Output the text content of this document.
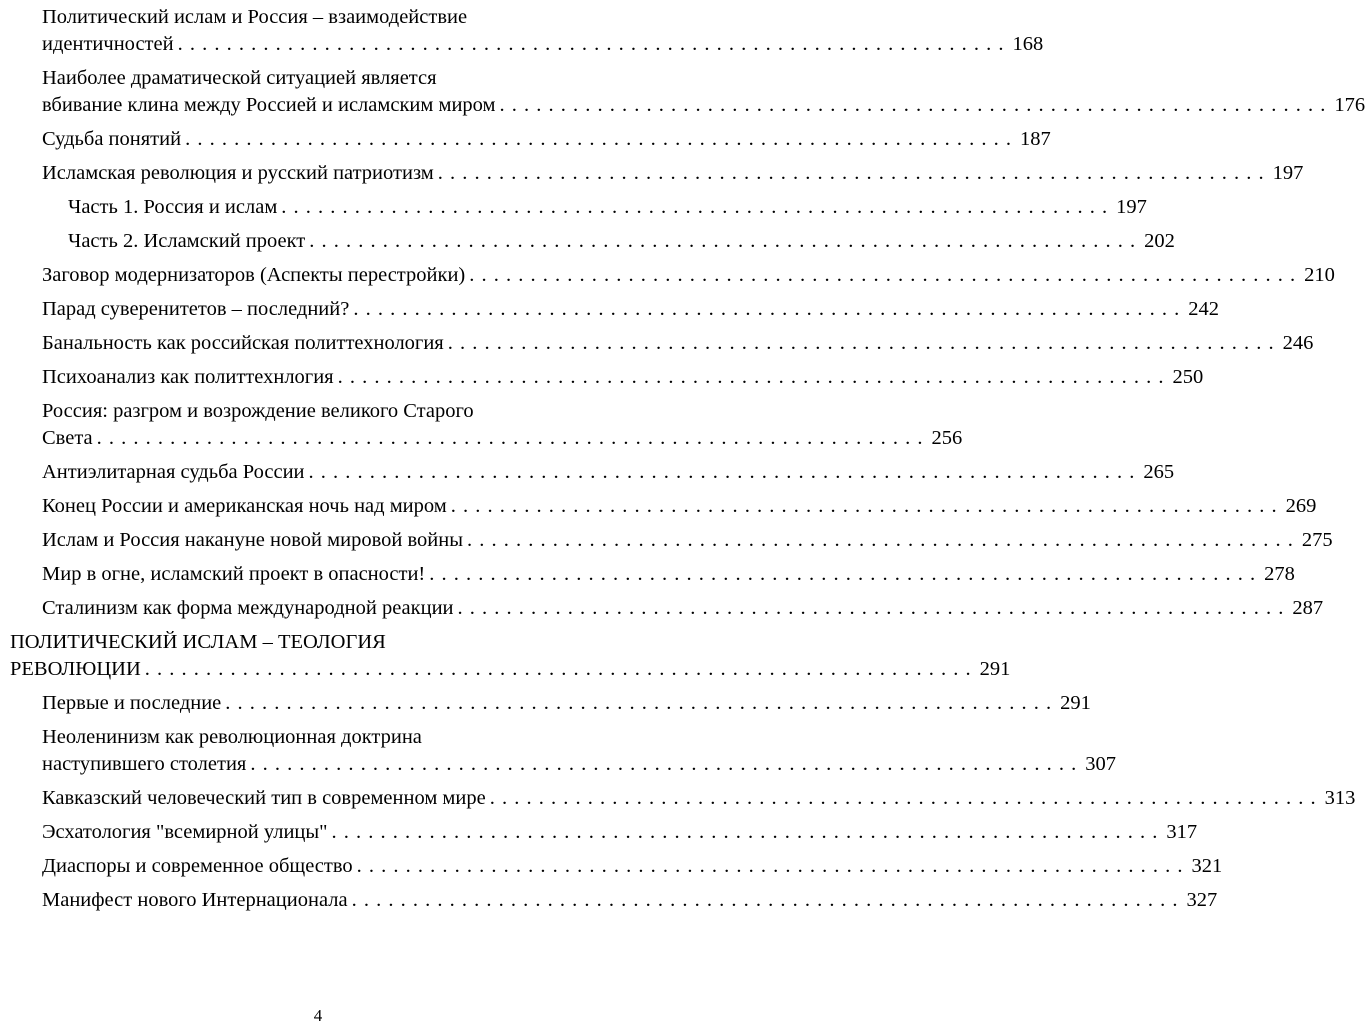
Политический ислам и Россия – взаимодействие
идентичностей . . . . . . . . . . . . . . . . . . . . . . . . . . . . . . . . . . . . . . . . . . . . . . . . . . . . . . . . . . . . . . . . . . . . 168
Наиболее драматической ситуацией является
вбивание клина между Россией и исламским миром . . . . . . . . . . . . . . . . . . . . . . . . . . . . . . . . . . . . . . . . . . . . . . . . . . . . . . . . . . . . . . . . . . . . 176
Судьба понятий . . . . . . . . . . . . . . . . . . . . . . . . . . . . . . . . . . . . . . . . . . . . . . . . . . . . . . . . . . . . . . . . . . . . 187
Исламская революция и русский патриотизм . . . . . . . . . . . . . . . . . . . . . . . . . . . . . . . . . . . . . . . . . . . . . . . . . . . . . . . . . . . . . . . . . . . . 197
Часть 1. Россия и ислам . . . . . . . . . . . . . . . . . . . . . . . . . . . . . . . . . . . . . . . . . . . . . . . . . . . . . . . . . . . . . . . . . . . . 197
Часть 2. Исламский проект . . . . . . . . . . . . . . . . . . . . . . . . . . . . . . . . . . . . . . . . . . . . . . . . . . . . . . . . . . . . . . . . . . . . 202
Заговор модернизаторов (Аспекты перестройки) . . . . . . . . . . . . . . . . . . . . . . . . . . . . . . . . . . . . . . . . . . . . . . . . . . . . . . . . . . . . . . . . . . . . 210
Парад суверенитетов – последний? . . . . . . . . . . . . . . . . . . . . . . . . . . . . . . . . . . . . . . . . . . . . . . . . . . . . . . . . . . . . . . . . . . . . 242
Банальность как российская политтехнология . . . . . . . . . . . . . . . . . . . . . . . . . . . . . . . . . . . . . . . . . . . . . . . . . . . . . . . . . . . . . . . . . . . . 246
Психоанализ как политтехнлогия . . . . . . . . . . . . . . . . . . . . . . . . . . . . . . . . . . . . . . . . . . . . . . . . . . . . . . . . . . . . . . . . . . . . 250
Россия: разгром и возрождение великого Старого
Света . . . . . . . . . . . . . . . . . . . . . . . . . . . . . . . . . . . . . . . . . . . . . . . . . . . . . . . . . . . . . . . . . . . . 256
Антиэлитарная судьба России . . . . . . . . . . . . . . . . . . . . . . . . . . . . . . . . . . . . . . . . . . . . . . . . . . . . . . . . . . . . . . . . . . . . 265
Конец России и американская ночь над миром . . . . . . . . . . . . . . . . . . . . . . . . . . . . . . . . . . . . . . . . . . . . . . . . . . . . . . . . . . . . . . . . . . . . 269
Ислам и Россия накануне новой мировой войны . . . . . . . . . . . . . . . . . . . . . . . . . . . . . . . . . . . . . . . . . . . . . . . . . . . . . . . . . . . . . . . . . . . . 275
Мир в огне, исламский проект в опасности! . . . . . . . . . . . . . . . . . . . . . . . . . . . . . . . . . . . . . . . . . . . . . . . . . . . . . . . . . . . . . . . . . . . . 278
Сталинизм как форма международной реакции . . . . . . . . . . . . . . . . . . . . . . . . . . . . . . . . . . . . . . . . . . . . . . . . . . . . . . . . . . . . . . . . . . . . 287
ПОЛИТИЧЕСКИЙ ИСЛАМ – ТЕОЛОГИЯ
РЕВОЛЮЦИИ . . . . . . . . . . . . . . . . . . . . . . . . . . . . . . . . . . . . . . . . . . . . . . . . . . . . . . . . . . . . . . . . . . . . 291
Первые и последние . . . . . . . . . . . . . . . . . . . . . . . . . . . . . . . . . . . . . . . . . . . . . . . . . . . . . . . . . . . . . . . . . . . . 291
Неоленинизм как революционная доктрина
наступившего столетия . . . . . . . . . . . . . . . . . . . . . . . . . . . . . . . . . . . . . . . . . . . . . . . . . . . . . . . . . . . . . . . . . . . . 307
Кавказский человеческий тип в современном мире . . . . . . . . . . . . . . . . . . . . . . . . . . . . . . . . . . . . . . . . . . . . . . . . . . . . . . . . . . . . . . . . . . . . 313
Эсхатология "всемирной улицы" . . . . . . . . . . . . . . . . . . . . . . . . . . . . . . . . . . . . . . . . . . . . . . . . . . . . . . . . . . . . . . . . . . . . 317
Диаспоры и современное общество . . . . . . . . . . . . . . . . . . . . . . . . . . . . . . . . . . . . . . . . . . . . . . . . . . . . . . . . . . . . . . . . . . . . 321
Манифест нового Интернационала . . . . . . . . . . . . . . . . . . . . . . . . . . . . . . . . . . . . . . . . . . . . . . . . . . . . . . . . . . . . . . . . . . . . 327
4
